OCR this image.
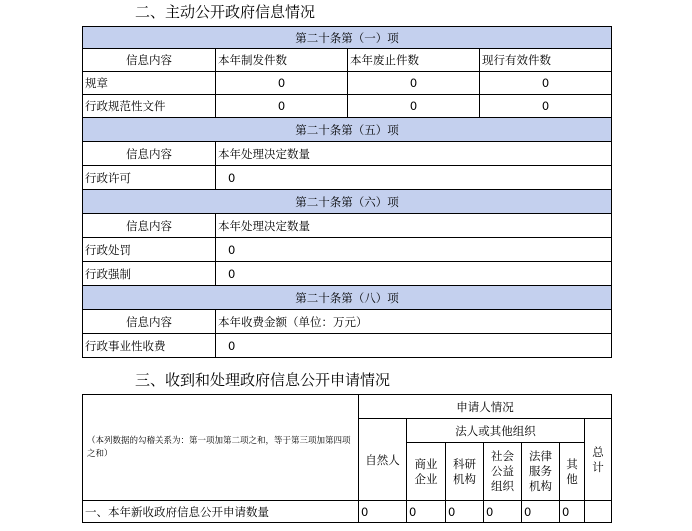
二、主动公开政府信息情况
第二十条第（一）项			
信息内容	本年制发件数	本年废止件数	现行有效件数
规章	0	0	0
行政规范性文件	0	0	0
第二十条第（五）项			
信息内容	本年处理决定数量		
行政许可	0		
第二十条第（六）项			
信息内容	本年处理决定数量		
行政处罚	0		
行政强制	0		
第二十条第（八）项			
信息内容	本年收费金额（单位：万元）		
行政事业性收费	0		
三、收到和处理政府信息公开申请情况
（本列数据的勾稽关系为：第一项加第二项之和，等于第三项加第四项之和）	申请人情况						
	自然人	法人或其他组织					总计
		商业企业	科研机构	社会公益组织	法律服务机构	其他	
一、本年新收政府信息公开申请数量	0	0	0	0	0	0	
